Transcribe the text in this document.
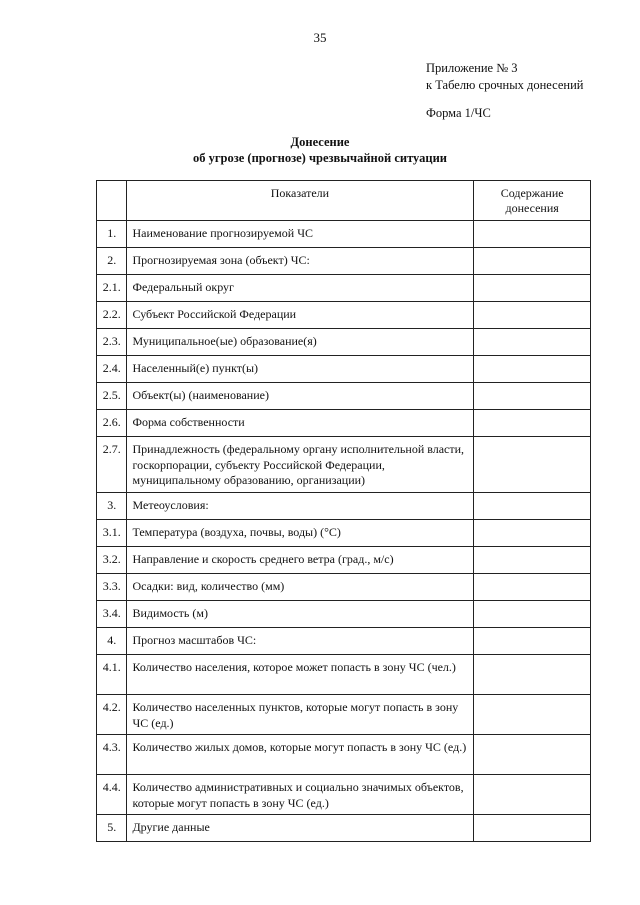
35
Приложение № 3
к Табелю срочных донесений
Форма 1/ЧС
Донесение
об угрозе (прогнозе) чрезвычайной ситуации
	Показатели	Содержание донесения
1.	Наименование прогнозируемой ЧС	
2.	Прогнозируемая зона (объект) ЧС:	
2.1.	Федеральный округ	
2.2.	Субъект Российской Федерации	
2.3.	Муниципальное(ые) образование(я)	
2.4.	Населенный(е) пункт(ы)	
2.5.	Объект(ы) (наименование)	
2.6.	Форма собственности	
2.7.	Принадлежность (федеральному органу исполнительной власти, госкорпорации, субъекту Российской Федерации, муниципальному образованию, организации)	
3.	Метеоусловия:	
3.1.	Температура (воздуха, почвы, воды) (°С)	
3.2.	Направление и скорость среднего ветра (град., м/с)	
3.3.	Осадки: вид, количество (мм)	
3.4.	Видимость (м)	
4.	Прогноз масштабов ЧС:	
4.1.	Количество населения, которое может попасть в зону ЧС (чел.)	
4.2.	Количество населенных пунктов, которые могут попасть в зону ЧС (ед.)	
4.3.	Количество жилых домов, которые могут попасть в зону ЧС (ед.)	
4.4.	Количество административных и социально значимых объектов, которые могут попасть в зону ЧС (ед.)	
5.	Другие данные	
